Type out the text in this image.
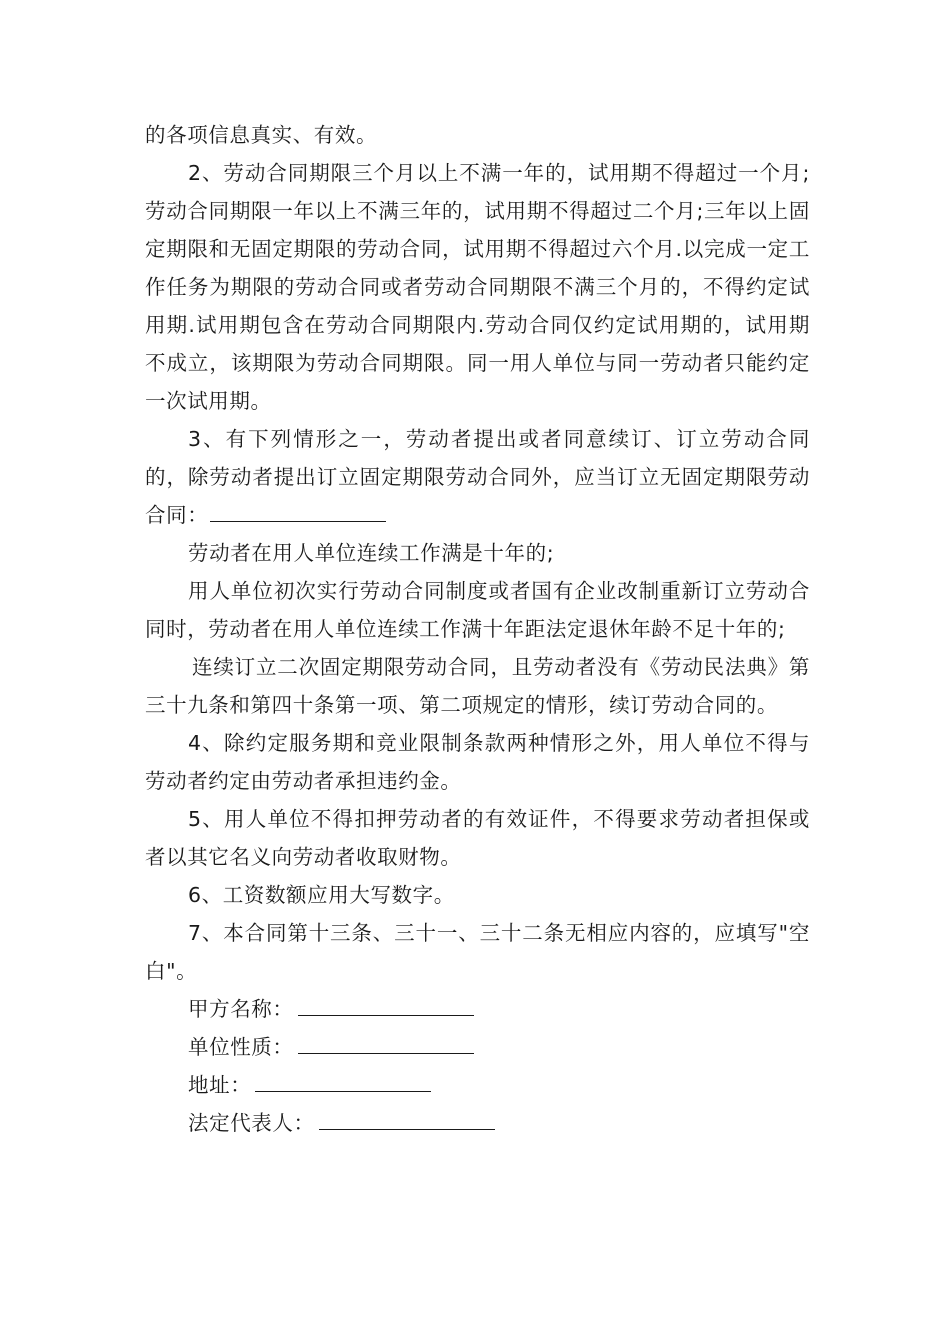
的各项信息真实、有效。

2、劳动合同期限三个月以上不满一年的，试用期不得超过一个月;劳动合同期限一年以上不满三年的，试用期不得超过二个月;三年以上固定期限和无固定期限的劳动合同，试用期不得超过六个月.以完成一定工作任务为期限的劳动合同或者劳动合同期限不满三个月的，不得约定试用期.试用期包含在劳动合同期限内.劳动合同仅约定试用期的，试用期不成立，该期限为劳动合同期限。同一用人单位与同一劳动者只能约定一次试用期。

3、有下列情形之一，劳动者提出或者同意续订、订立劳动合同的，除劳动者提出订立固定期限劳动合同外，应当订立无固定期限劳动合同：

劳动者在用人单位连续工作满是十年的;

用人单位初次实行劳动合同制度或者国有企业改制重新订立劳动合同时，劳动者在用人单位连续工作满十年距法定退休年龄不足十年的;

连续订立二次固定期限劳动合同，且劳动者没有《劳动民法典》第三十九条和第四十条第一项、第二项规定的情形，续订劳动合同的。

4、除约定服务期和竞业限制条款两种情形之外，用人单位不得与劳动者约定由劳动者承担违约金。

5、用人单位不得扣押劳动者的有效证件，不得要求劳动者担保或者以其它名义向劳动者收取财物。

6、工资数额应用大写数字。

7、本合同第十三条、三十一、三十二条无相应内容的，应填写"空白"。

甲方名称：

单位性质：

地址：

法定代表人：
